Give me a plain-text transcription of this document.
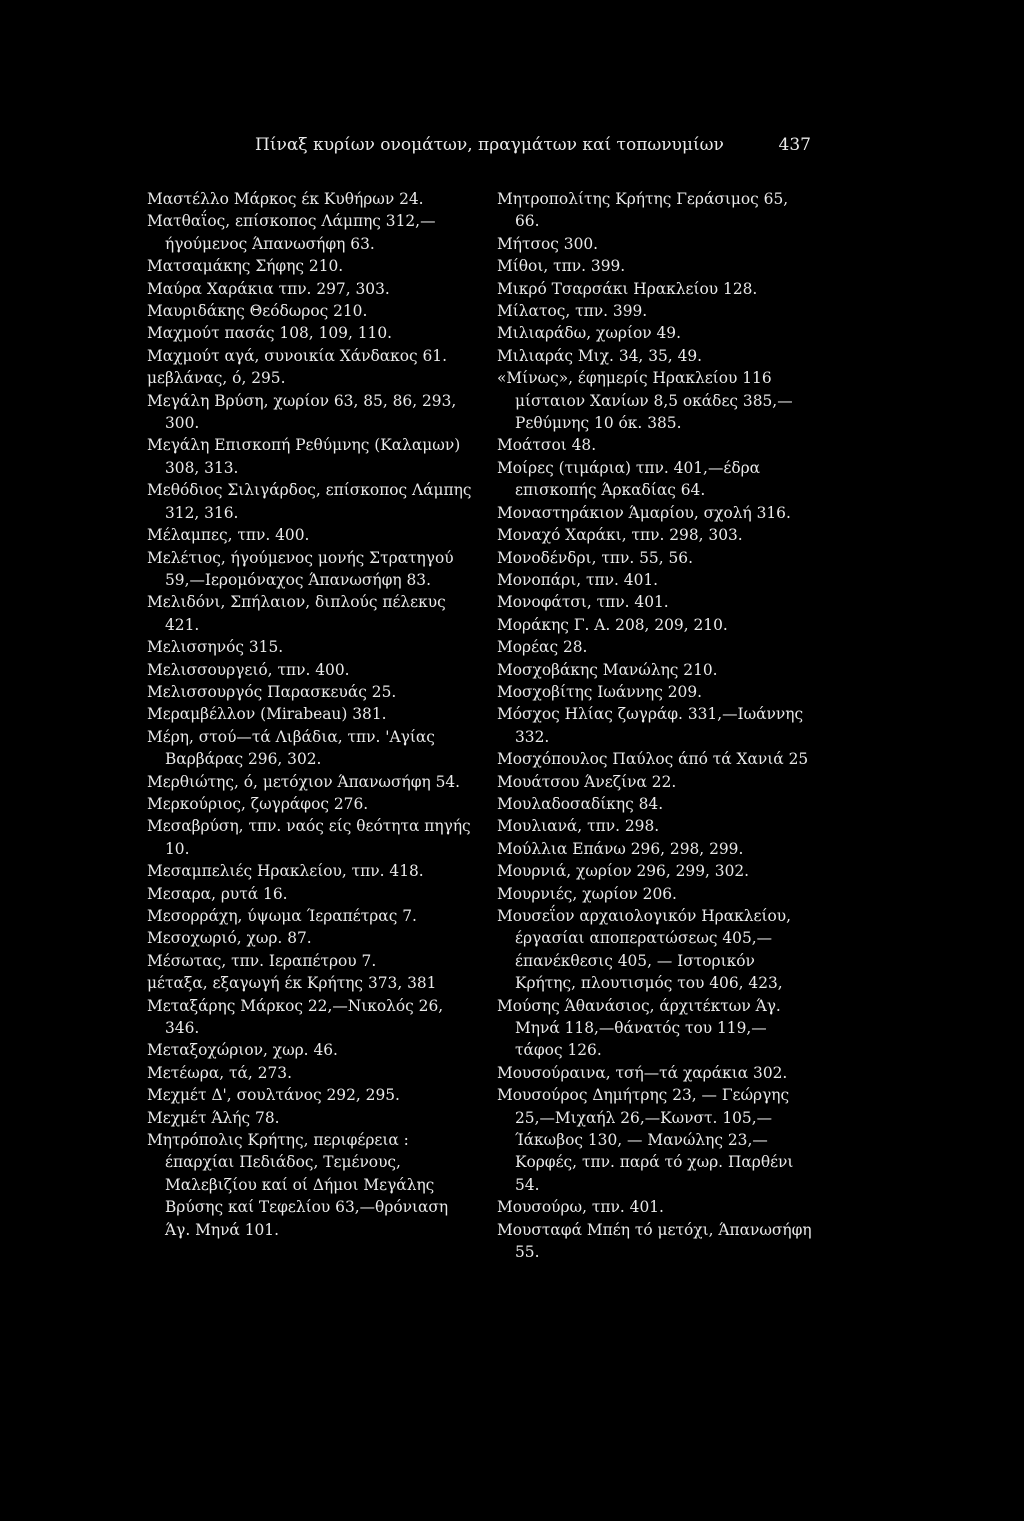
Πίναξ κυρίων ονομάτων, πραγμάτων καί τοπωνυμίων	437
Μαστέλλο Μάρκος έκ Κυθήρων 24.
Ματθαΐος, επίσκοπος Λάμπης 312,— ήγούμενος Άπανωσήφη 63.
Ματσαμάκης Σήφης 210.
Μαύρα Χαράκια τπν. 297, 303.
Μαυριδάκης Θεόδωρος 210.
Μαχμούτ πασάς 108, 109, 110.
Μαχμούτ αγά, συνοικία Χάνδακος 61.
μεβλάνας, ό, 295.
Μεγάλη Βρύση, χωρίον 63, 85, 86, 293, 300.
Μεγάλη Επισκοπή Ρεθύμνης (Καλαμων) 308, 313.
Μεθόδιος Σιλιγάρδος, επίσκοπος Λάμπης 312, 316.
Μέλαμπες, τπν. 400.
Μελέτιος, ήγούμενος μονής Στρατηγού 59,—Ιερομόναχος Άπανωσήφη 83.
Μελιδόνι, Σπήλαιον, διπλούς πέλεκυς 421.
Μελισσηνός 315.
Μελισσουργειό, τπν. 400.
Μελισσουργός Παρασκευάς 25.
Μεραμβέλλον (Mirabeau) 381.
Μέρη, στού—τά Λιβάδια, τπν. 'Αγίας Βαρβάρας 296, 302.
Μερθιώτης, ό, μετόχιον Άπανωσήφη 54.
Μερκούριος, ζωγράφος 276.
Μεσαβρύση, τπν. ναός είς θεότητα πηγής 10.
Μεσαμπελιές Ηρακλείου, τπν. 418.
Μεσαρα, ρυτά 16.
Μεσορράχη, ύψωμα Ίεραπέτρας 7.
Μεσοχωριό, χωρ. 87.
Μέσωτας, τπν. Ιεραπέτρου 7.
μέταξα, εξαγωγή έκ Κρήτης 373, 381
Μεταξάρης Μάρκος 22,—Νικολός 26, 346.
Μεταξοχώριον, χωρ. 46.
Μετέωρα, τά, 273.
Μεχμέτ Δ', σουλτάνος 292, 295.
Μεχμέτ Άλής 78.
Μητρόπολις Κρήτης, περιφέρεια : έπαρχίαι Πεδιάδος, Τεμένους, Μαλεβιζίου καί οί Δήμοι Μεγάλης Βρύσης καί Τεφελίου 63,—θρόνιαση Άγ. Μηνά 101.
Μητροπολίτης Κρήτης Γεράσιμος 65, 66.
Μήτσος 300.
Μίθοι, τπν. 399.
Μικρό Τσαρσάκι Ηρακλείου 128.
Μίλατος, τπν. 399.
Μιλιαράδω, χωρίον 49.
Μιλιαράς Μιχ. 34, 35, 49.
«Μίνως», έφημερίς Ηρακλείου 116 μίσταιον Χανίων 8,5 οκάδες 385,— Ρεθύμνης 10 όκ. 385.
Μοάτσοι 48.
Μοίρες (τιμάρια) τπν. 401,—έδρα επισκοπής Άρκαδίας 64.
Μοναστηράκιον Άμαρίου, σχολή 316.
Μοναχό Χαράκι, τπν. 298, 303.
Μονοδένδρι, τπν. 55, 56.
Μονοπάρι, τπν. 401.
Μονοφάτσι, τπν. 401.
Μοράκης Γ. Α. 208, 209, 210.
Μορέας 28.
Μοσχοβάκης Μανώλης 210.
Μοσχοβίτης Ιωάννης 209.
Μόσχος Ηλίας ζωγράφ. 331,—Ιωάννης 332.
Μοσχόπουλος Παύλος άπό τά Χανιά 25
Μουάτσου Άνεζίνα 22.
Μουλαδοσαδίκης 84.
Μουλιανά, τπν. 298.
Μούλλια Επάνω 296, 298, 299.
Μουρνιά, χωρίον 296, 299, 302.
Μουρνιές, χωρίον 206.
Μουσεΐον αρχαιολογικόν Ηρακλείου, έργασίαι αποπερατώσεως 405,— έπανέκθεσις 405, — Ιστορικόν Κρήτης, πλουτισμός του 406, 423,
Μούσης Άθανάσιος, άρχιτέκτων Άγ. Μηνά 118,—θάνατός του 119,— τάφος 126.
Μουσούραινα, τσή—τά χαράκια 302.
Μουσούρος Δημήτρης 23, — Γεώργης 25,—Μιχαήλ 26,—Κωνστ. 105,— Ίάκωβος 130, — Μανώλης 23,— Κορφές, τπν. παρά τό χωρ. Παρθένι 54.
Μουσούρω, τπν. 401.
Μουσταφά Μπέη τό μετόχι, Άπανωσήφη 55.
